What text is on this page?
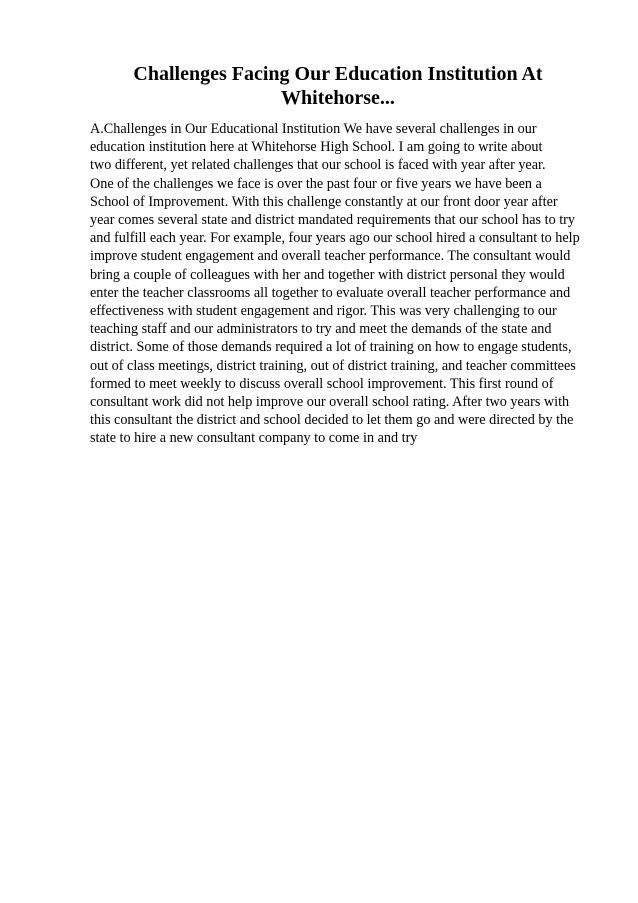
Challenges Facing Our Education Institution At
Whitehorse...
A.Challenges in Our Educational Institution We have several challenges in our
education institution here at Whitehorse High School. I am going to write about
two different, yet related challenges that our school is faced with year after year.
One of the challenges we face is over the past four or five years we have been a
School of Improvement. With this challenge constantly at our front door year after
year comes several state and district mandated requirements that our school has to try
and fulfill each year. For example, four years ago our school hired a consultant to help
improve student engagement and overall teacher performance. The consultant would
bring a couple of colleagues with her and together with district personal they would
enter the teacher classrooms all together to evaluate overall teacher performance and
effectiveness with student engagement and rigor. This was very challenging to our
teaching staff and our administrators to try and meet the demands of the state and
district. Some of those demands required a lot of training on how to engage students,
out of class meetings, district training, out of district training, and teacher committees
formed to meet weekly to discuss overall school improvement. This first round of
consultant work did not help improve our overall school rating. After two years with
this consultant the district and school decided to let them go and were directed by the
state to hire a new consultant company to come in and try
